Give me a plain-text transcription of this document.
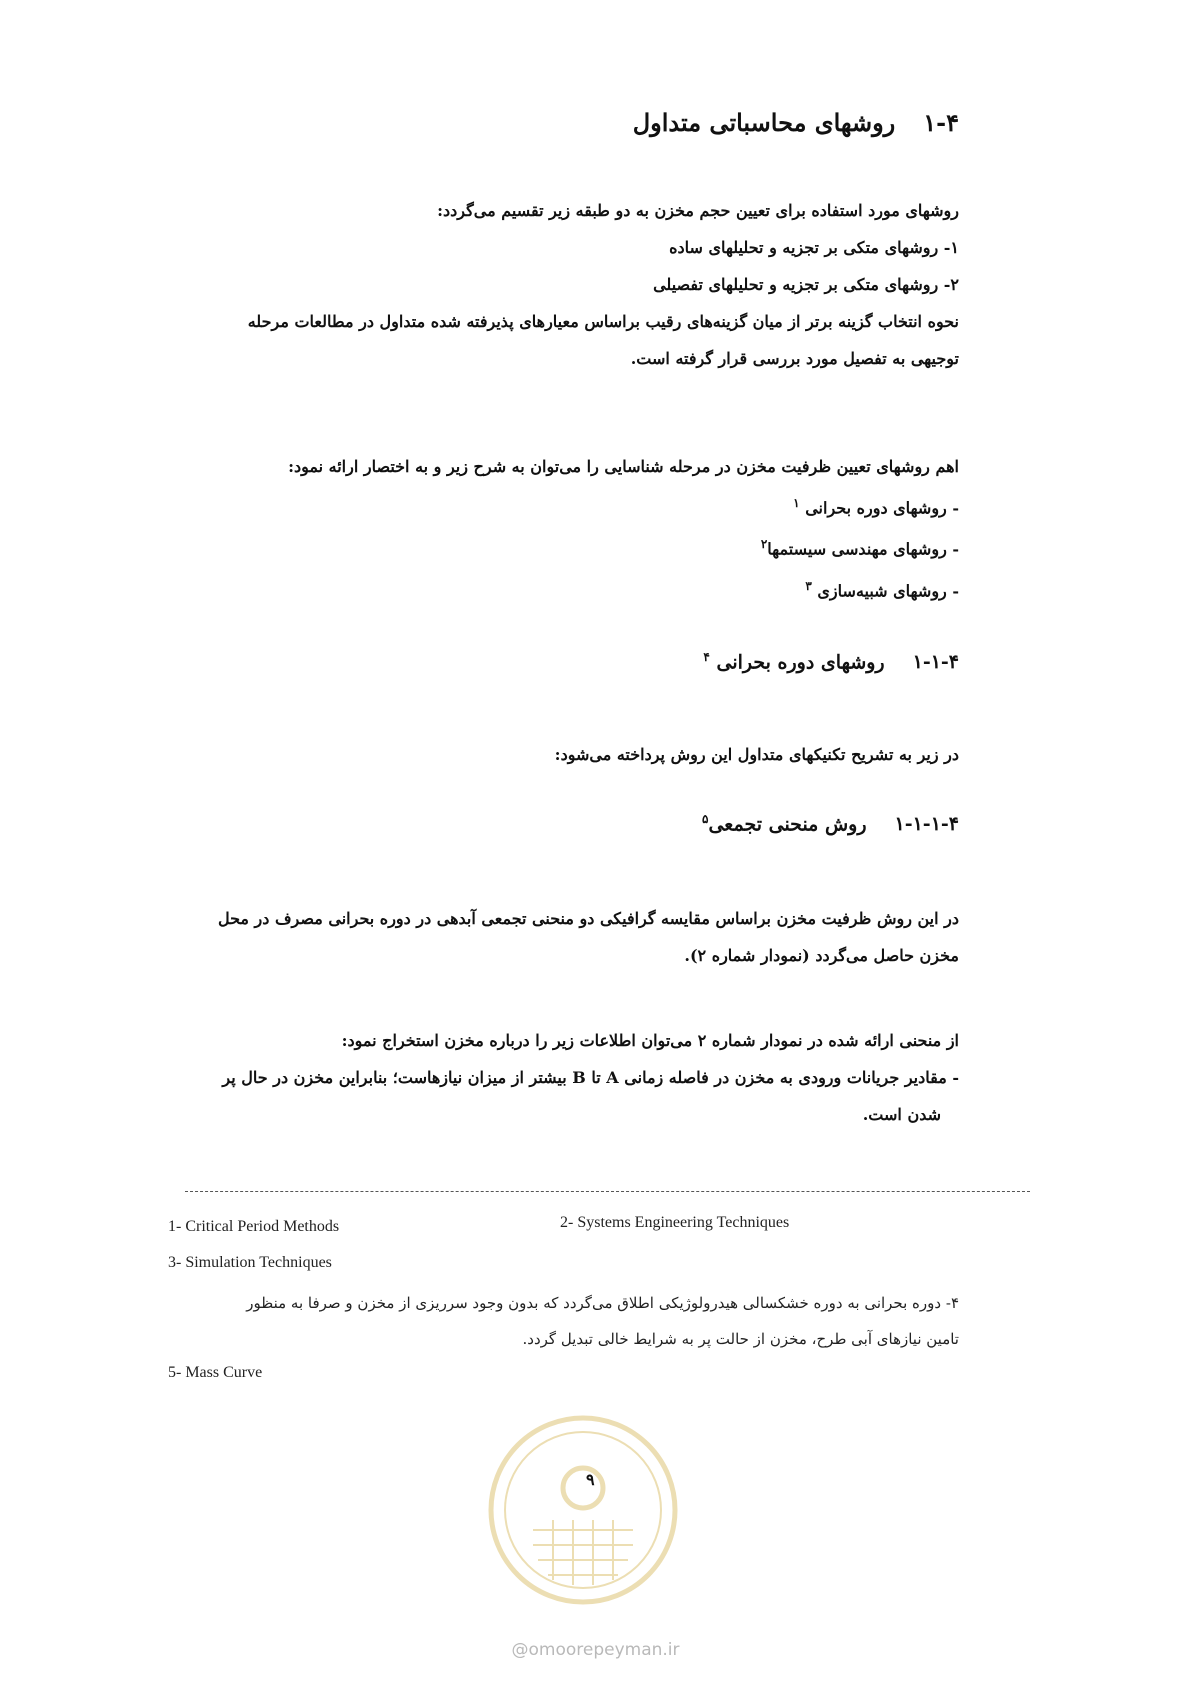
۱-۴روشهای محاسباتی متداول
روشهای مورد استفاده برای تعیین حجم مخزن به دو طبقه زیر تقسیم می‌گردد:
۱- روشهای متکی بر تجزیه و تحلیلهای ساده
۲- روشهای متکی بر تجزیه و تحلیلهای تفصیلی
نحوه انتخاب گزینه برتر از میان گزینه‌های رقیب براساس معیارهای پذیرفته شده متداول در مطالعات مرحله
توجیهی به تفصیل مورد بررسی قرار گرفته است.
اهم روشهای تعیین ظرفیت مخزن در مرحله شناسایی را می‌توان به شرح زیر و به اختصار ارائه نمود:
- روشهای دوره بحرانی $^۱$
- روشهای مهندسی سیستمها$^۲$
- روشهای شبیه‌سازی $^۳$
۱-۱-۴روشهای دوره بحرانی $^۴$
در زیر به تشریح تکنیکهای متداول این روش پرداخته می‌شود:
۱-۱-۱-۴روش منحنی تجمعی$^۵$
در این روش ظرفیت مخزن براساس مقایسه گرافیکی دو منحنی تجمعی آبدهی در دوره بحرانی مصرف در محل
مخزن حاصل می‌گردد (نمودار شماره ۲).
از منحنی ارائه شده در نمودار شماره ۲ می‌توان اطلاعات زیر را درباره مخزن استخراج نمود:
- مقادیر جریانات ورودی به مخزن در فاصله زمانی A تا B بیشتر از میزان نیازهاست؛ بنابراین مخزن در حال پر
شدن است.
1- Critical Period Methods	2- Systems Engineering Techniques
3- Simulation Techniques
۴- دوره بحرانی به دوره خشکسالی هیدرولوژیکی اطلاق می‌گردد که بدون وجود سرریزی از مخزن و صرفا به منظور
تامین نیازهای آبی طرح، مخزن از حالت پر به شرایط خالی تبدیل گردد.
5- Mass Curve
۹
@omoorepeyman.ir
